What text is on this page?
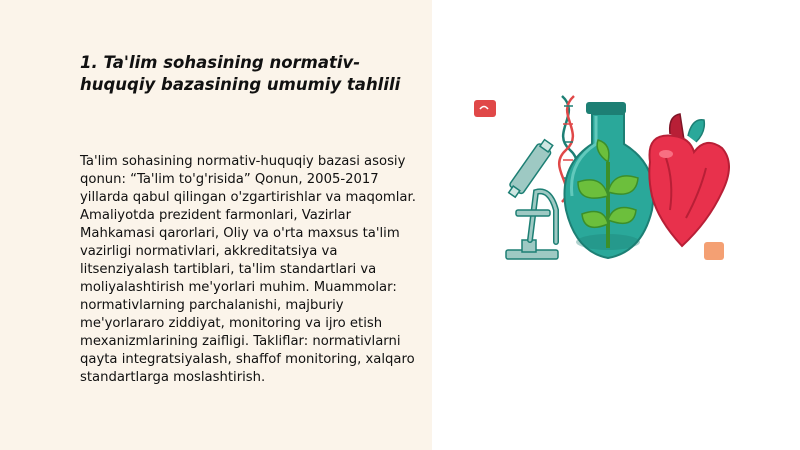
1. Ta'lim sohasining normativ-huquqiy bazasining umumiy tahlili

Ta'lim sohasining normativ-huquqiy bazasi asosiy qonun: “Ta'lim to'g'risida” Qonun, 2005-2017 yillarda qabul qilingan o'zgartirishlar va maqomlar. Amaliyotda prezident farmonlari, Vazirlar Mahkamasi qarorlari, Oliy va o'rta maxsus ta'lim vazirligi normativlari, akkreditatsiya va litsenziyalash tartiblari, ta'lim standartlari va moliyalashtirish me'yorlari muhim. Muammolar: normativlarning parchalanishi, majburiy me'yorlararo ziddiyat, monitoring va ijro etish mexanizmlarining zaifligi. Takliflar: normativlarni qayta integratsiyalash, shaffof monitoring, xalqaro standartlarga moslashtirish.
